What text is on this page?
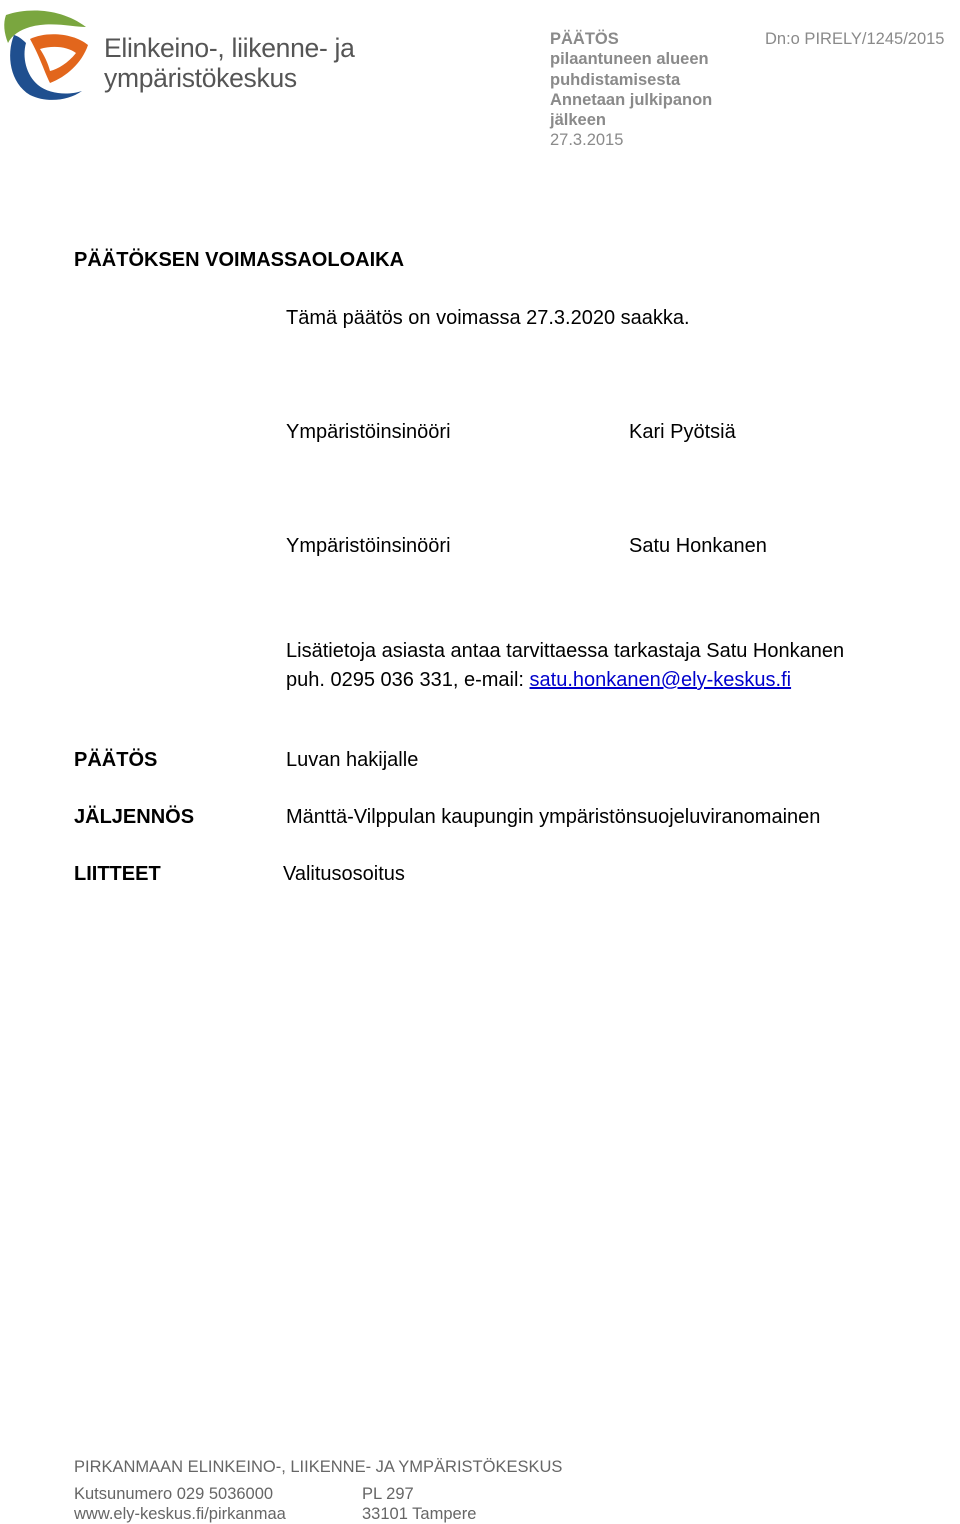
Elinkeino-, liikenne- ja
ympäristökeskus
PÄÄTÖS
pilaantuneen alueen
puhdistamisesta
Annetaan julkipanon
jälkeen
27.3.2015
Dn:o PIRELY/1245/2015
PÄÄTÖKSEN VOIMASSAOLOAIKA
Tämä päätös on voimassa 27.3.2020 saakka.
Ympäristöinsinööri	Kari Pyötsiä
Ympäristöinsinööri	Satu Honkanen
Lisätietoja asiasta antaa tarvittaessa tarkastaja Satu Honkanen
puh. 0295 036 331, e-mail: satu.honkanen@ely-keskus.fi
PÄÄTÖS	Luvan hakijalle
JÄLJENNÖS	Mänttä-Vilppulan kaupungin ympäristönsuojeluviranomainen
LIITTEET	Valitusosoitus
PIRKANMAAN ELINKEINO-, LIIKENNE- JA YMPÄRISTÖKESKUS
Kutsunumero 029 5036000
www.ely-keskus.fi/pirkanmaa
PL 297
33101 Tampere
